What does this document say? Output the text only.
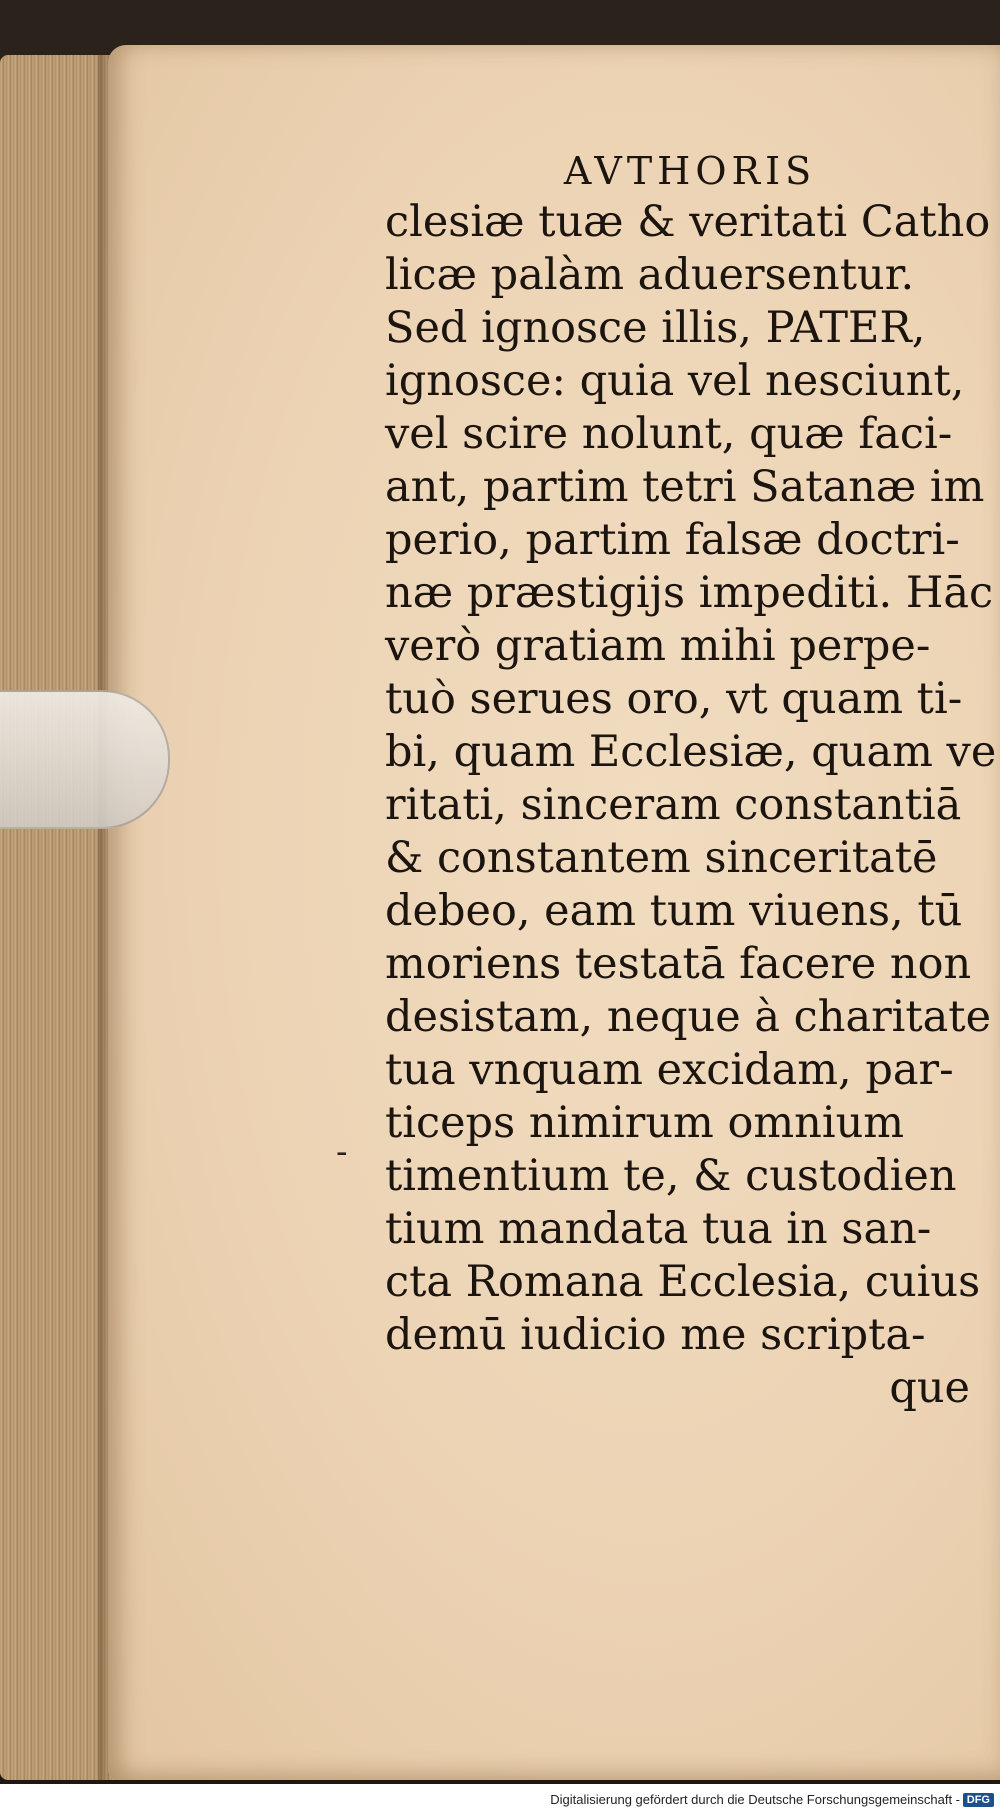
-
AVTHORIS
clesiæ tuæ & veritati Catho
licæ palàm aduersentur.
Sed ignosce illis, PATER,
ignosce: quia vel nesciunt,
vel scire nolunt, quæ faci-
ant, partim tetri Satanæ im
perio, partim falsæ doctri-
næ præstigijs impediti. Hāc
verò gratiam mihi perpe-
tuò serues oro, vt quam ti-
bi, quam Ecclesiæ, quam ve
ritati, sinceram constantiā
& constantem sinceritatē
debeo, eam tum viuens, tū
moriens testatā facere non
desistam, neque à charitate
tua vnquam excidam, par-
ticeps nimirum omnium
timentium te, & custodien
tium mandata tua in san-
cta Romana Ecclesia, cuius
demū iudicio me scripta-
que
Digitalisierung gefördert durch die Deutsche Forschungsgemeinschaft - DFG
